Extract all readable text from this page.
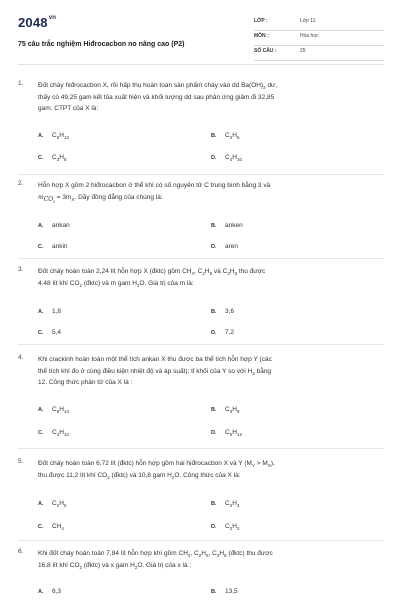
$2048^{vn}$
75 câu trắc nghiệm Hiđrocacbon no nâng cao (P2)
LỚP :	Lớp 11
MÔN :	Hóa học
SỐ CÂU :	25
1. Đốt cháy hiđrocacbon X, rồi hấp thụ hoàn toàn sản phẩm cháy vào dd $Ba(OH)_2$ dư,
thấy có 49,25 gam kết tủa xuất hiện và khối lượng dd sau phản ứng giảm đi 32,85
gam. CTPT của X là:
A. $C_5H_{12}$	B. $C_2H_6$
C. $C_3H_8$	D. $C_4H_{10}$
2. Hỗn hợp X gồm 2 hiđrocacbon ở thể khí có số nguyên tử C trung bình bằng 3 và
$m_{CO_2} = 3m_X$. Dãy đồng đẳng của chúng là:
A. ankan	B. anken
C. ankin	D. aren
3. Đốt cháy hoàn toàn 2,24 lít hỗn hợp X (đktc) gồm $CH_4$, $C_2H_6$ và $C_3H_8$ thu được
4,48 lít khí $CO_2$ (đktc) và m gam $H_2O$. Giá trị của m là:
A. 1,8	B. 3,6
C. 5,4	D. 7,2
4. Khi crackinh hoàn toàn một thể tích ankan X thu được ba thể tích hỗn hợp Y (các
thể tích khí đo ở cùng điều kiện nhiệt độ và áp suất); tỉ khối của Y so với $H_2$ bằng
12. Công thức phân tử của X là :
A. $C_6H_{14}$	B. $C_3H_8$
C. $C_4H_{10}$	D. $C_5H_{12}$
5. Đốt cháy hoàn toàn 6,72 lít (đktc) hỗn hợp gồm hai hiđrocacbon X và Y $(M_Y > M_X)$,
thu được 11,2 lít khí $CO_2$ (đktc) và 10,8 gam $H_2O$. Công thức của X là:
A. $C_2H_6$	B. $C_2H_4$
C. $CH_4$	D. $C_2H_2$
6. Khi đốt cháy hoàn toàn 7,84 lít hỗn hợp khí gồm $CH_4$, $C_2H_6$, $C_3H_8$ (đktc) thu được
16,8 lít khí $CO_2$ (đktc) và x gam $H_2O$. Giá trị của x là :
A. 6,3	B. 13,5
